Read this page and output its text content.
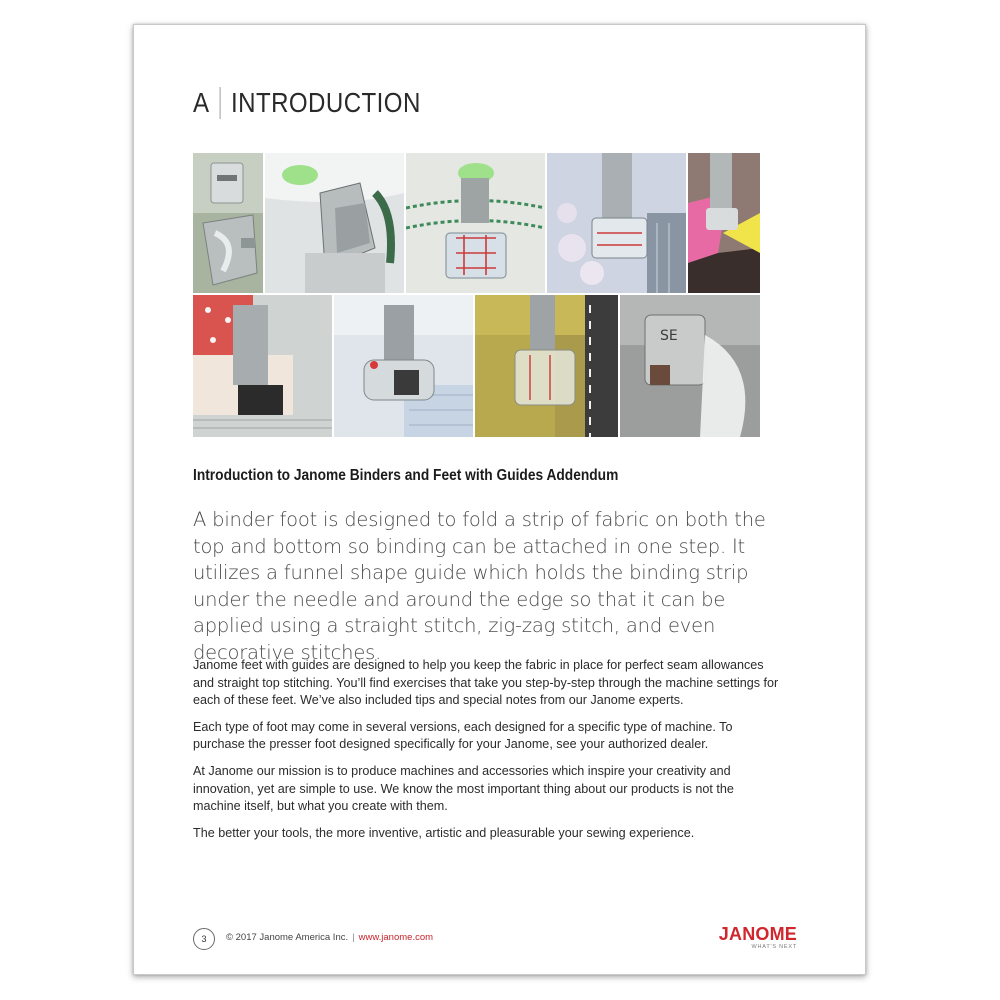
A INTRODUCTION
SE
Introduction to Janome Binders and Feet with Guides Addendum

A binder foot is designed to fold a strip of fabric on both the top and bottom so binding can be attached in one step. It utilizes a funnel shape guide which holds the binding strip under the needle and around the edge so that it can be applied using a straight stitch, zig-zag stitch, and even decorative stitches.

Janome feet with guides are designed to help you keep the fabric in place for perfect seam allowances and straight top stitching. You’ll find exercises that take you step-by-step through the machine settings for each of these feet. We’ve also included tips and special notes from our Janome experts.

Each type of foot may come in several versions, each designed for a specific type of machine. To purchase the presser foot designed specifically for your Janome, see your authorized dealer.

At Janome our mission is to produce machines and accessories which inspire your creativity and innovation, yet are simple to use. We know the most important thing about our products is not the machine itself, but what you create with them.

The better your tools, the more inventive, artistic and pleasurable your sewing experience.

3	© 2017 Janome America Inc. | www.janome.com	JANOME
WHAT'S NEXT
